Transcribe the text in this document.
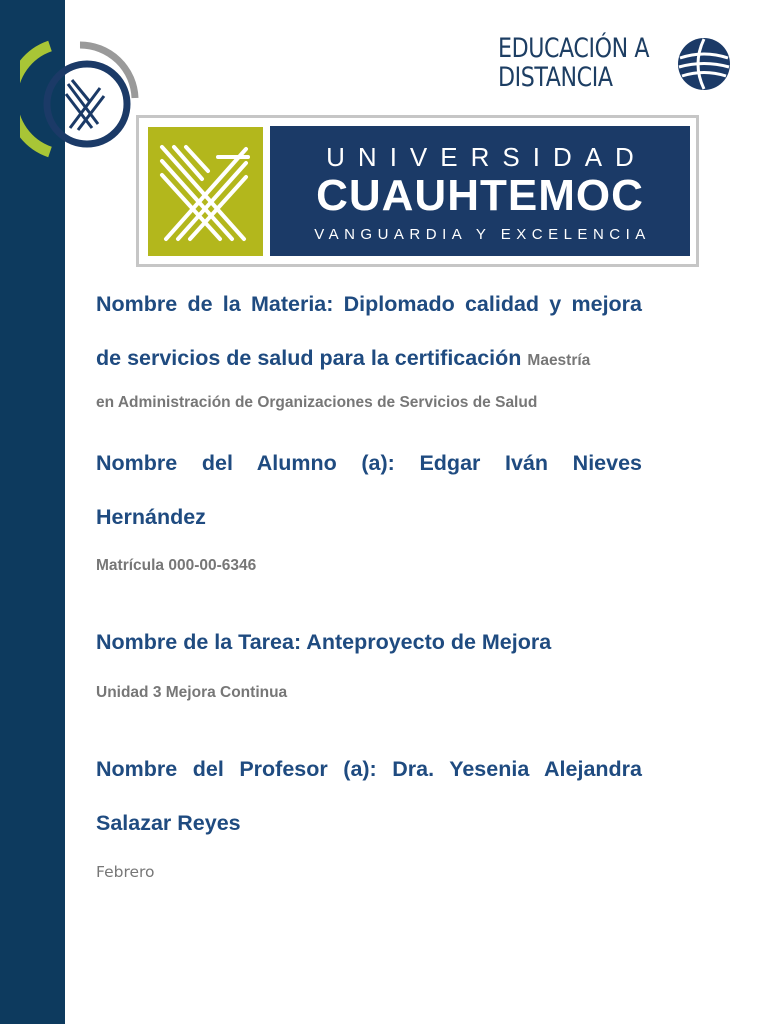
EDUCACIÓN A
DISTANCIA
UNIVERSIDAD
CUAUHTEMOC
VANGUARDIA Y EXCELENCIA

Nombre de la Materia: Diplomado calidad y mejora de servicios de salud para la certificación Maestría

en Administración de Organizaciones de Servicios de Salud

Nombre del Alumno (a): Edgar Iván Nieves Hernández

Matrícula 000-00-6346

Nombre de la Tarea: Anteproyecto de Mejora

Unidad 3 Mejora Continua

Nombre del Profesor (a): Dra. Yesenia Alejandra Salazar Reyes

Febrero
